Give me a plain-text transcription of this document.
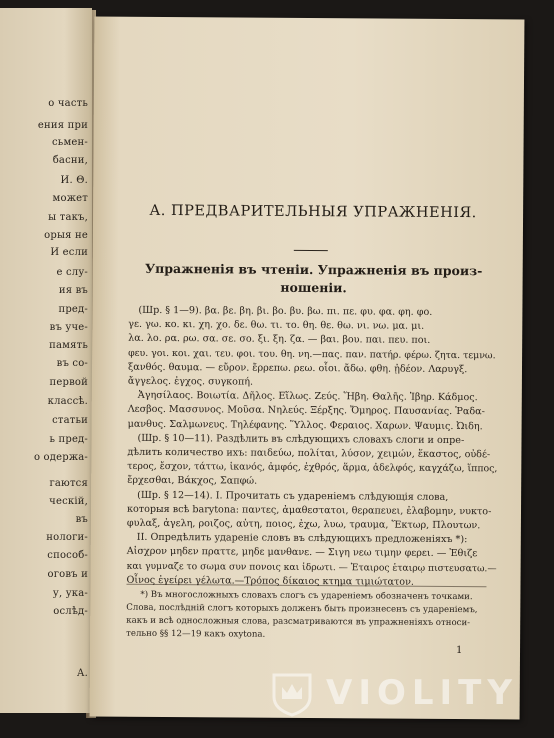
о часть
ения при
сьмен-
басни,
И. Θ.
может
ы такъ,
орыя не
И если
е слу-
ия въ
пред-
въ уче-
память
въ со-
первой
классѣ.
статьи
ь пред-
о одержа-
гаются
ческій,
въ
нологи-
способ-
оговъ и
у, ука-
ослѣд-
А.
А. ПРЕДВАРИТЕЛЬНЫЯ УПРАЖНЕНІЯ.
Упражненія въ чтеніи. Упражненія въ произ-
ношеніи.
1
(Шр. § 1—9). βα. βε. βη. βι. βο. βυ. βω. πι. πε. φυ. φα. φη. φο.
γε. γω. κο. κι. χη. χο. δε. θω. τι. το. θη. θε. θω. νι. νω. μα. μι.
λα. λο. ρα. ρω. σα. σε. σο. ξι. ξη. ζα. — βαι. βου. παι. πευ. ποι.
φευ. γοι. κοι. χαι. τευ. φοι. του. θη. νη.—πας. παν. πατήρ. φέρω. ζητα. τεμνω.
ξανθός. θαυμα. — εὔρον. ἔρρεπω. ρεω. οἷοι. ἄδω. φθη. ᾐδέον. Λαρυγξ.
ἄγγελος. ἐγχος. συγκοπή.
Ἀγησίλαος. Βοιωτία. Δῆλος. Εἵλως. Ζεύς. Ἥβη. Θαλῆς. Ἰβηρ. Κάδμος.
Λεσβος. Μασσυνος. Μοῦσα. Νηλεύς. Ξέρξης. Ὄμηρος. Παυσανίας. Ῥαδα-
μανθυς. Σαλμωνευς. Τηλέφανης. Ὕλλος. Φεραιος. Χαρων. Ψαυμις. Ὠιδη.
(Шр. § 10—11). Раздѣлить въ слѣдующихъ словахъ слоги и опре-
дѣлить количество ихъ: παιδεύω, πολίται, λύσον, χειμών, ἕκαστος, οὐδέ-
τερος, ἔσχον, τάττω, ἱκανός, ἀμφός, ἐχθρός, ἅρμα, ἀδελφός, καγχάζω, ἵππος,
ἔρχεσθαι, Βάκχος, Σαπφώ.
(Шр. § 12—14). I. Прочитать съ удареніемъ слѣдующія слова,
которыя всѣ barytona: παντες, ἀμαθεστατοι, θεραπευει, ἐλαβομην, νυκτο-
φυλαξ, ἀγελη, ροιζος, αὐτη, ποιος, ἐχω, λυω, τραυμα, Ἕκτωρ, Πλουτων.
II. Опредѣлить удареніе словъ въ слѣдующихъ предложеніяхъ *):
Αἰσχρον μηδεν πραττε, μηδε μανθανε. — Σιγη νεω τιμην φερει. — Ἐθιζε
και γυμναζε το σωμα συν πονοις και ἱδρωτι. — Ἑταιρος ἑταιρῳ πιστευσατω.—
Οἶνος ἐγείρει γέλωτα.—Τρόπος δίκαιος κτημα τιμιώτατον.
*) Въ многосложныхъ словахъ слогъ съ удареніемъ обозначенъ точками.
Слова, послѣдній слогъ которыхъ долженъ быть произнесенъ съ удареніемъ,
какъ и всѣ односложныя слова, разсматриваются въ упражненіяхъ относи-
тельно §§ 12—19 какъ oxytona.
VIOLITY
